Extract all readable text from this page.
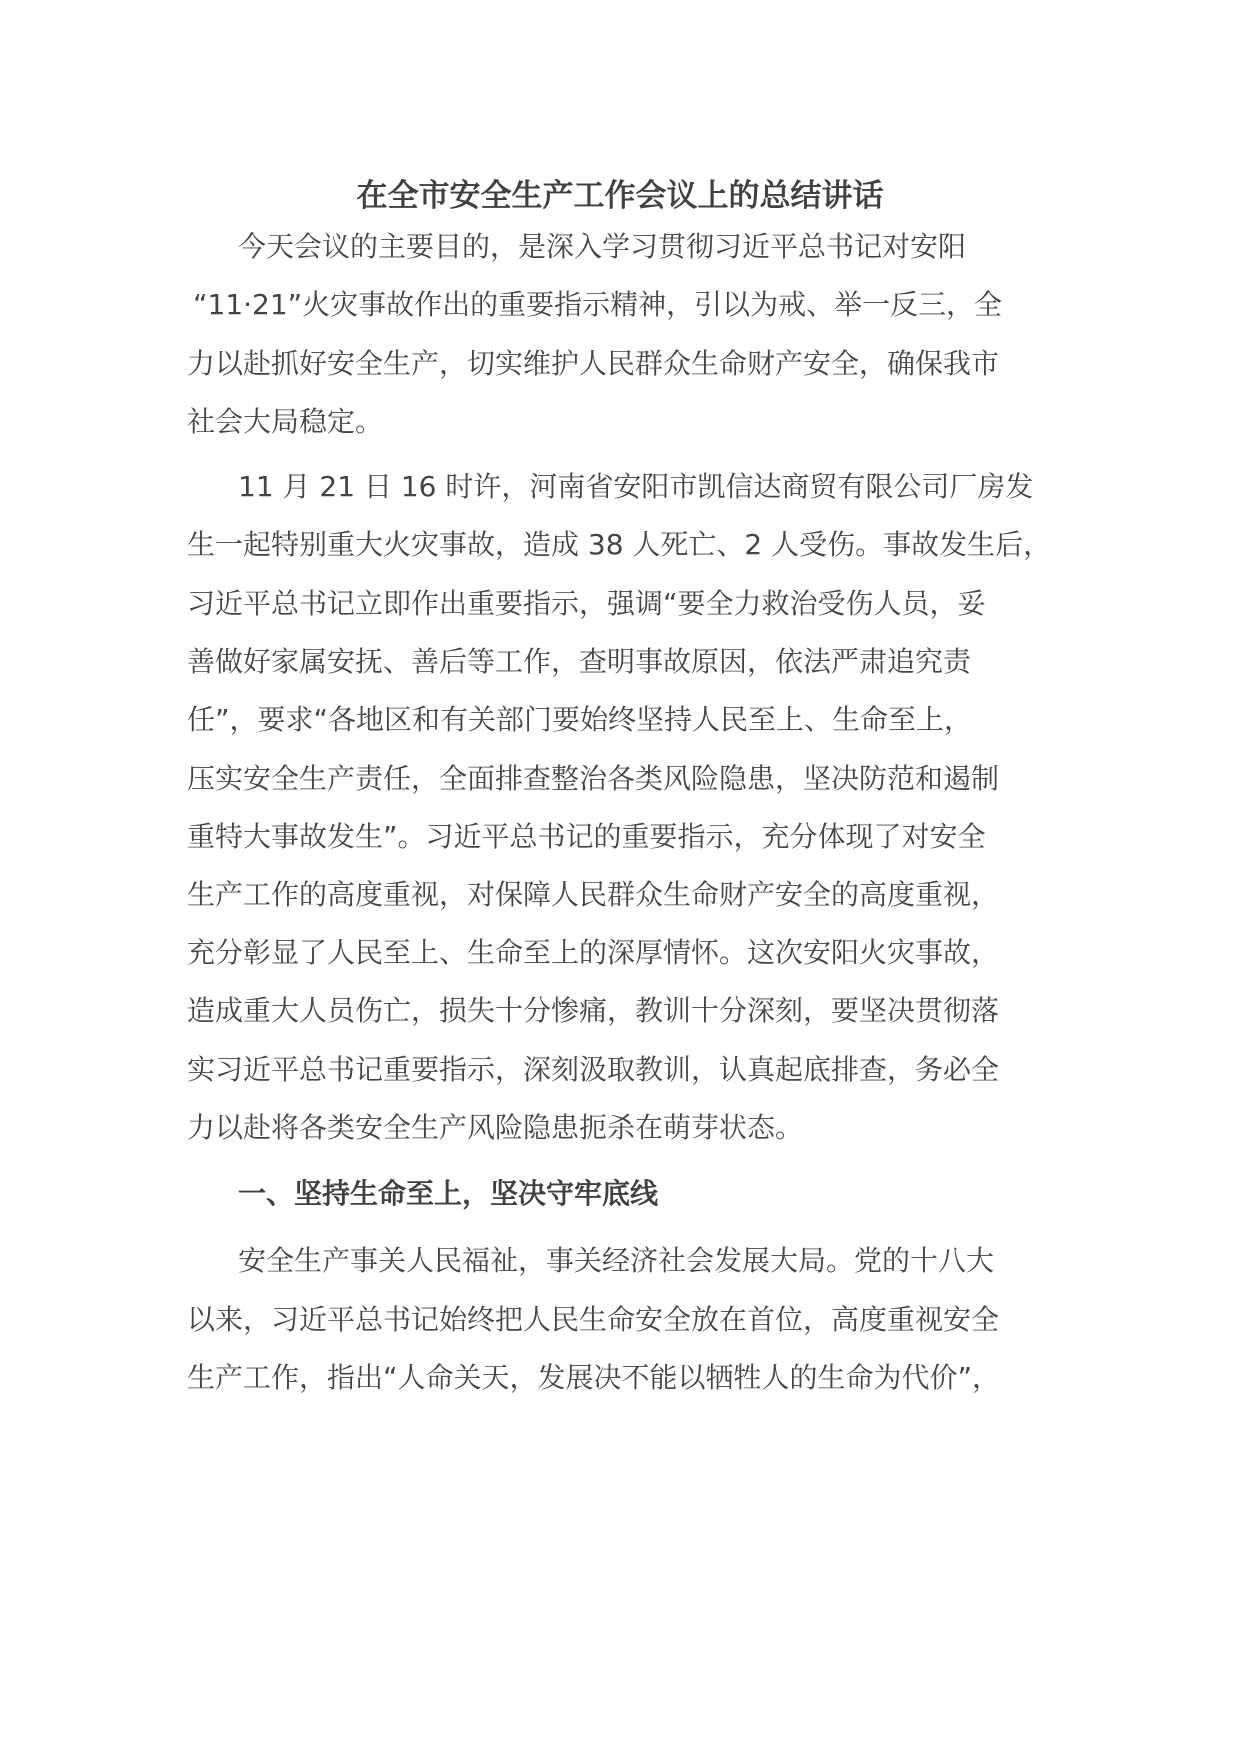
在全市安全生产工作会议上的总结讲话
今天会议的主要目的，是深入学习贯彻习近平总书记对安阳
“11·21”火灾事故作出的重要指示精神，引以为戒、举一反三，全
力以赴抓好安全生产，切实维护人民群众生命财产安全，确保我市
社会大局稳定。
11 月 21 日 16 时许，河南省安阳市凯信达商贸有限公司厂房发
生一起特别重大火灾事故，造成 38 人死亡、2 人受伤。事故发生后，
习近平总书记立即作出重要指示，强调“要全力救治受伤人员，妥
善做好家属安抚、善后等工作，查明事故原因，依法严肃追究责
任”，要求“各地区和有关部门要始终坚持人民至上、生命至上，
压实安全生产责任，全面排查整治各类风险隐患，坚决防范和遏制
重特大事故发生”。习近平总书记的重要指示，充分体现了对安全
生产工作的高度重视，对保障人民群众生命财产安全的高度重视，
充分彰显了人民至上、生命至上的深厚情怀。这次安阳火灾事故，
造成重大人员伤亡，损失十分惨痛，教训十分深刻，要坚决贯彻落
实习近平总书记重要指示，深刻汲取教训，认真起底排查，务必全
力以赴将各类安全生产风险隐患扼杀在萌芽状态。
一、坚持生命至上，坚决守牢底线
安全生产事关人民福祉，事关经济社会发展大局。党的十八大
以来，习近平总书记始终把人民生命安全放在首位，高度重视安全
生产工作，指出“人命关天，发展决不能以牺牲人的生命为代价”，
